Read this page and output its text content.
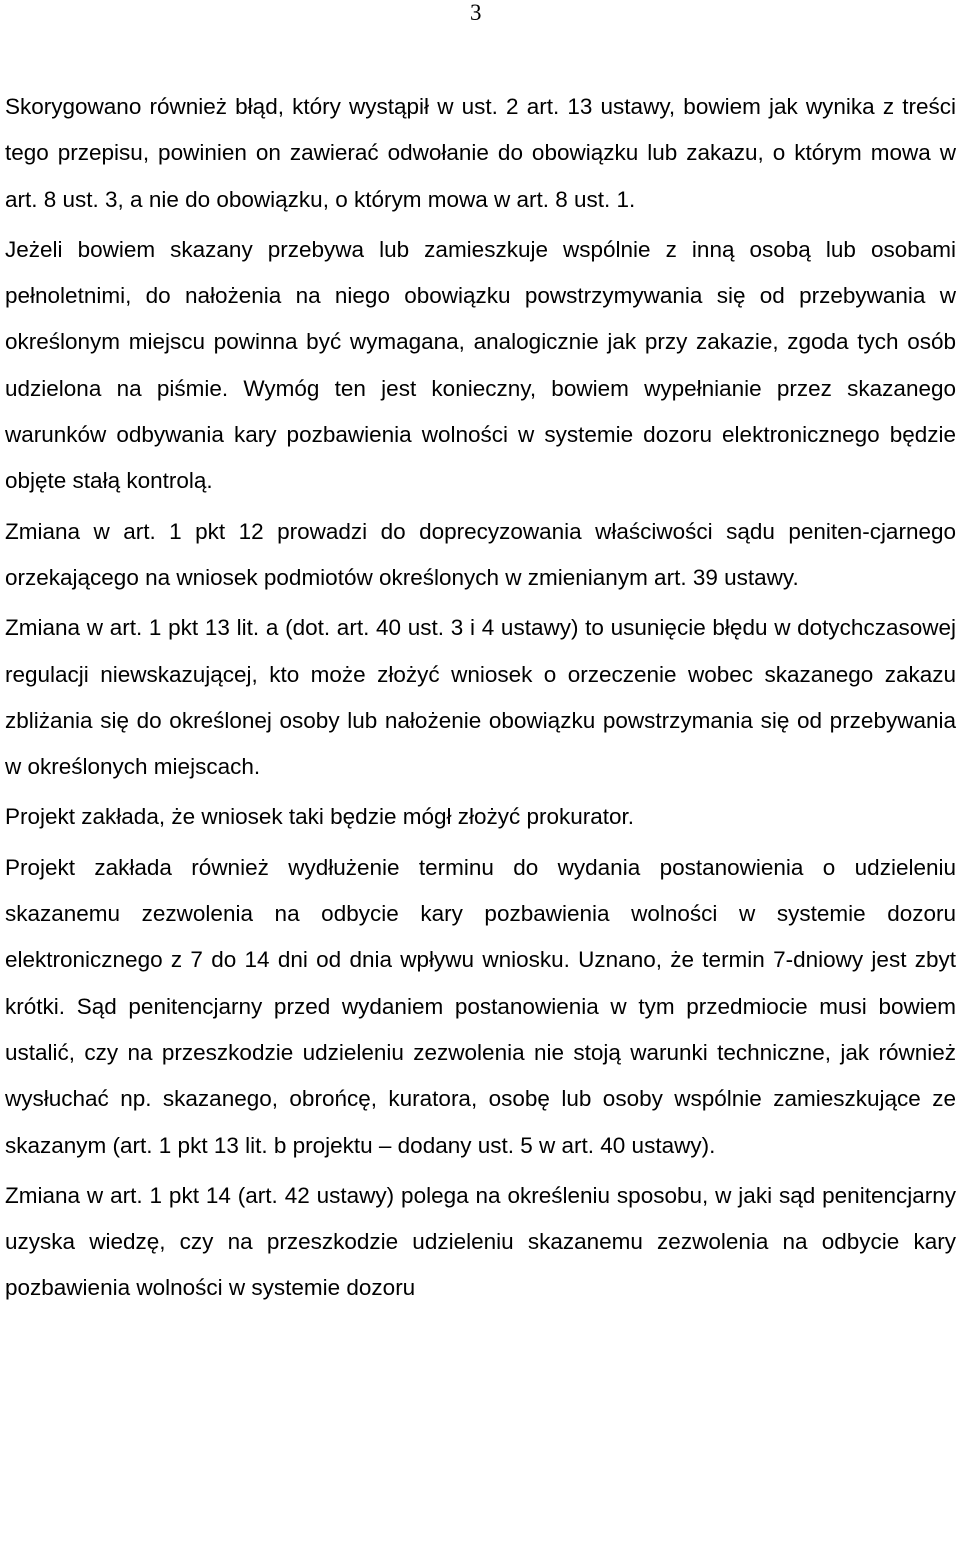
3

Skorygowano również błąd, który wystąpił w ust. 2 art. 13 ustawy, bowiem jak wynika z treści tego przepisu, powinien on zawierać odwołanie do obowiązku lub zakazu, o którym mowa w art. 8 ust. 3, a nie do obowiązku, o którym mowa w art. 8 ust. 1.

Jeżeli bowiem skazany przebywa lub zamieszkuje wspólnie z inną osobą lub osobami pełnoletnimi, do nałożenia na niego obowiązku powstrzymywania się od przebywania w określonym miejscu powinna być wymagana, analogicznie jak przy zakazie, zgoda tych osób udzielona na piśmie. Wymóg ten jest konieczny, bowiem wypełnianie przez skazanego warunków odbywania kary pozbawienia wolności w systemie dozoru elektronicznego będzie objęte stałą kontrolą.

Zmiana w art. 1 pkt 12 prowadzi do doprecyzowania właściwości sądu peniten-cjarnego orzekającego na wniosek podmiotów określonych w zmienianym art. 39 ustawy.

Zmiana w art. 1 pkt 13 lit. a (dot. art. 40 ust. 3 i 4 ustawy) to usunięcie błędu w dotychczasowej regulacji niewskazującej, kto może złożyć wniosek o orzeczenie wobec skazanego zakazu zbliżania się do określonej osoby lub nałożenie obowiązku powstrzymania się od przebywania w określonych miejscach.

Projekt zakłada, że wniosek taki będzie mógł złożyć prokurator.

Projekt zakłada również wydłużenie terminu do wydania postanowienia o udzieleniu skazanemu zezwolenia na odbycie kary pozbawienia wolności w systemie dozoru elektronicznego z 7 do 14 dni od dnia wpływu wniosku. Uznano, że termin 7-dniowy jest zbyt krótki. Sąd penitencjarny przed wydaniem postanowienia w tym przedmiocie musi bowiem ustalić, czy na przeszkodzie udzieleniu zezwolenia nie stoją warunki techniczne, jak również wysłuchać np. skazanego, obrońcę, kuratora, osobę lub osoby wspólnie zamieszkujące ze skazanym (art. 1 pkt 13 lit. b projektu – dodany ust. 5 w art. 40 ustawy).

Zmiana w art. 1 pkt 14 (art. 42 ustawy) polega na określeniu sposobu, w jaki sąd penitencjarny uzyska wiedzę, czy na przeszkodzie udzieleniu skazanemu zezwolenia na odbycie kary pozbawienia wolności w systemie dozoru
